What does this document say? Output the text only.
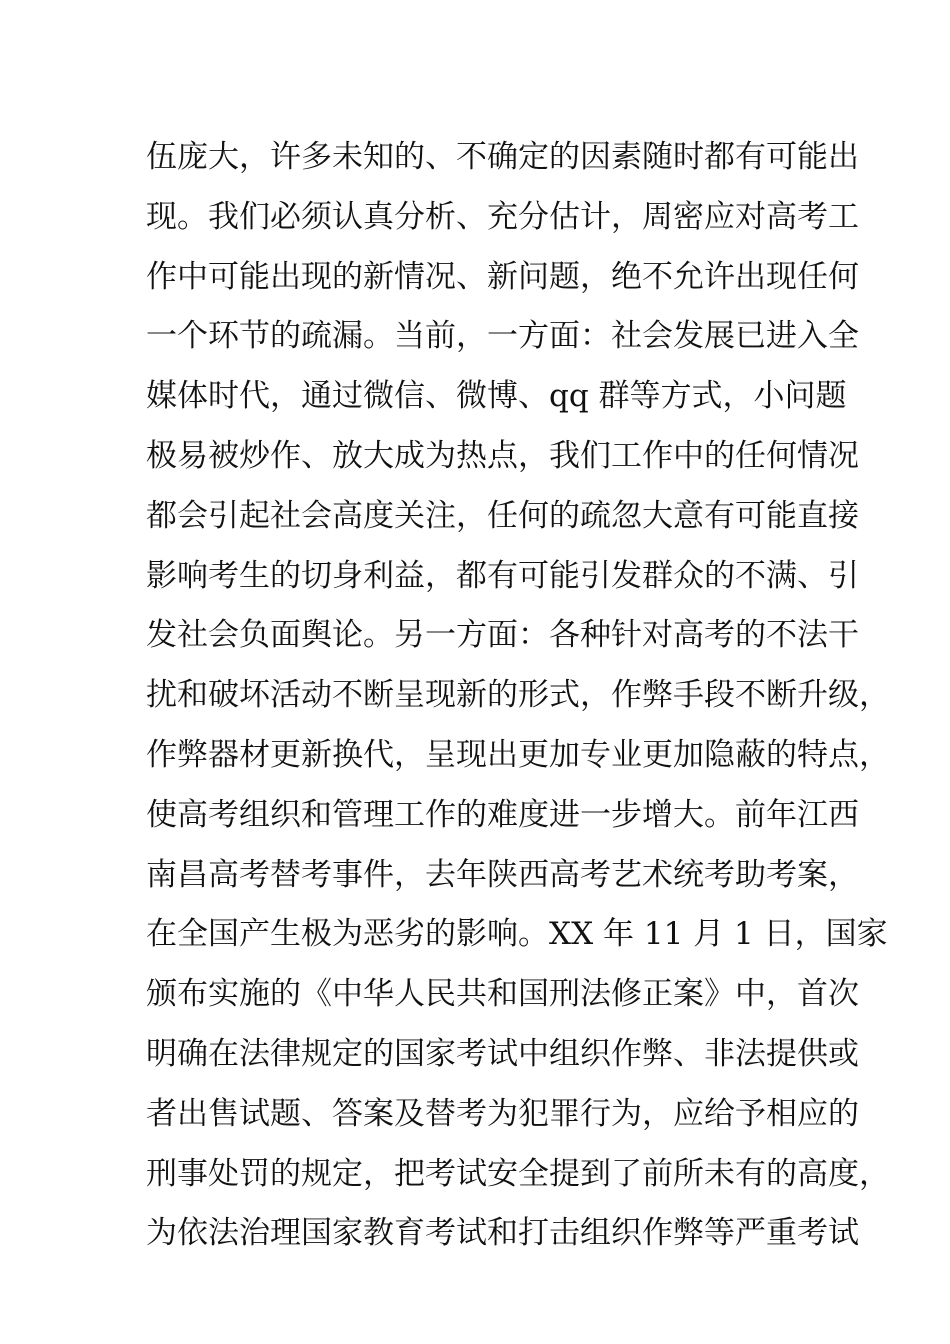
伍庞大，许多未知的、不确定的因素随时都有可能出
现。我们必须认真分析、充分估计，周密应对高考工
作中可能出现的新情况、新问题，绝不允许出现任何
一个环节的疏漏。当前，一方面：社会发展已进入全
媒体时代，通过微信、微博、qq 群等方式，小问题
极易被炒作、放大成为热点，我们工作中的任何情况
都会引起社会高度关注，任何的疏忽大意有可能直接
影响考生的切身利益，都有可能引发群众的不满、引
发社会负面舆论。另一方面：各种针对高考的不法干
扰和破坏活动不断呈现新的形式，作弊手段不断升级，
作弊器材更新换代，呈现出更加专业更加隐蔽的特点，
使高考组织和管理工作的难度进一步增大。前年江西
南昌高考替考事件，去年陕西高考艺术统考助考案，
在全国产生极为恶劣的影响。XX 年 11 月 1 日，国家
颁布实施的《中华人民共和国刑法修正案》中，首次
明确在法律规定的国家考试中组织作弊、非法提供或
者出售试题、答案及替考为犯罪行为，应给予相应的
刑事处罚的规定，把考试安全提到了前所未有的高度，
为依法治理国家教育考试和打击组织作弊等严重考试
